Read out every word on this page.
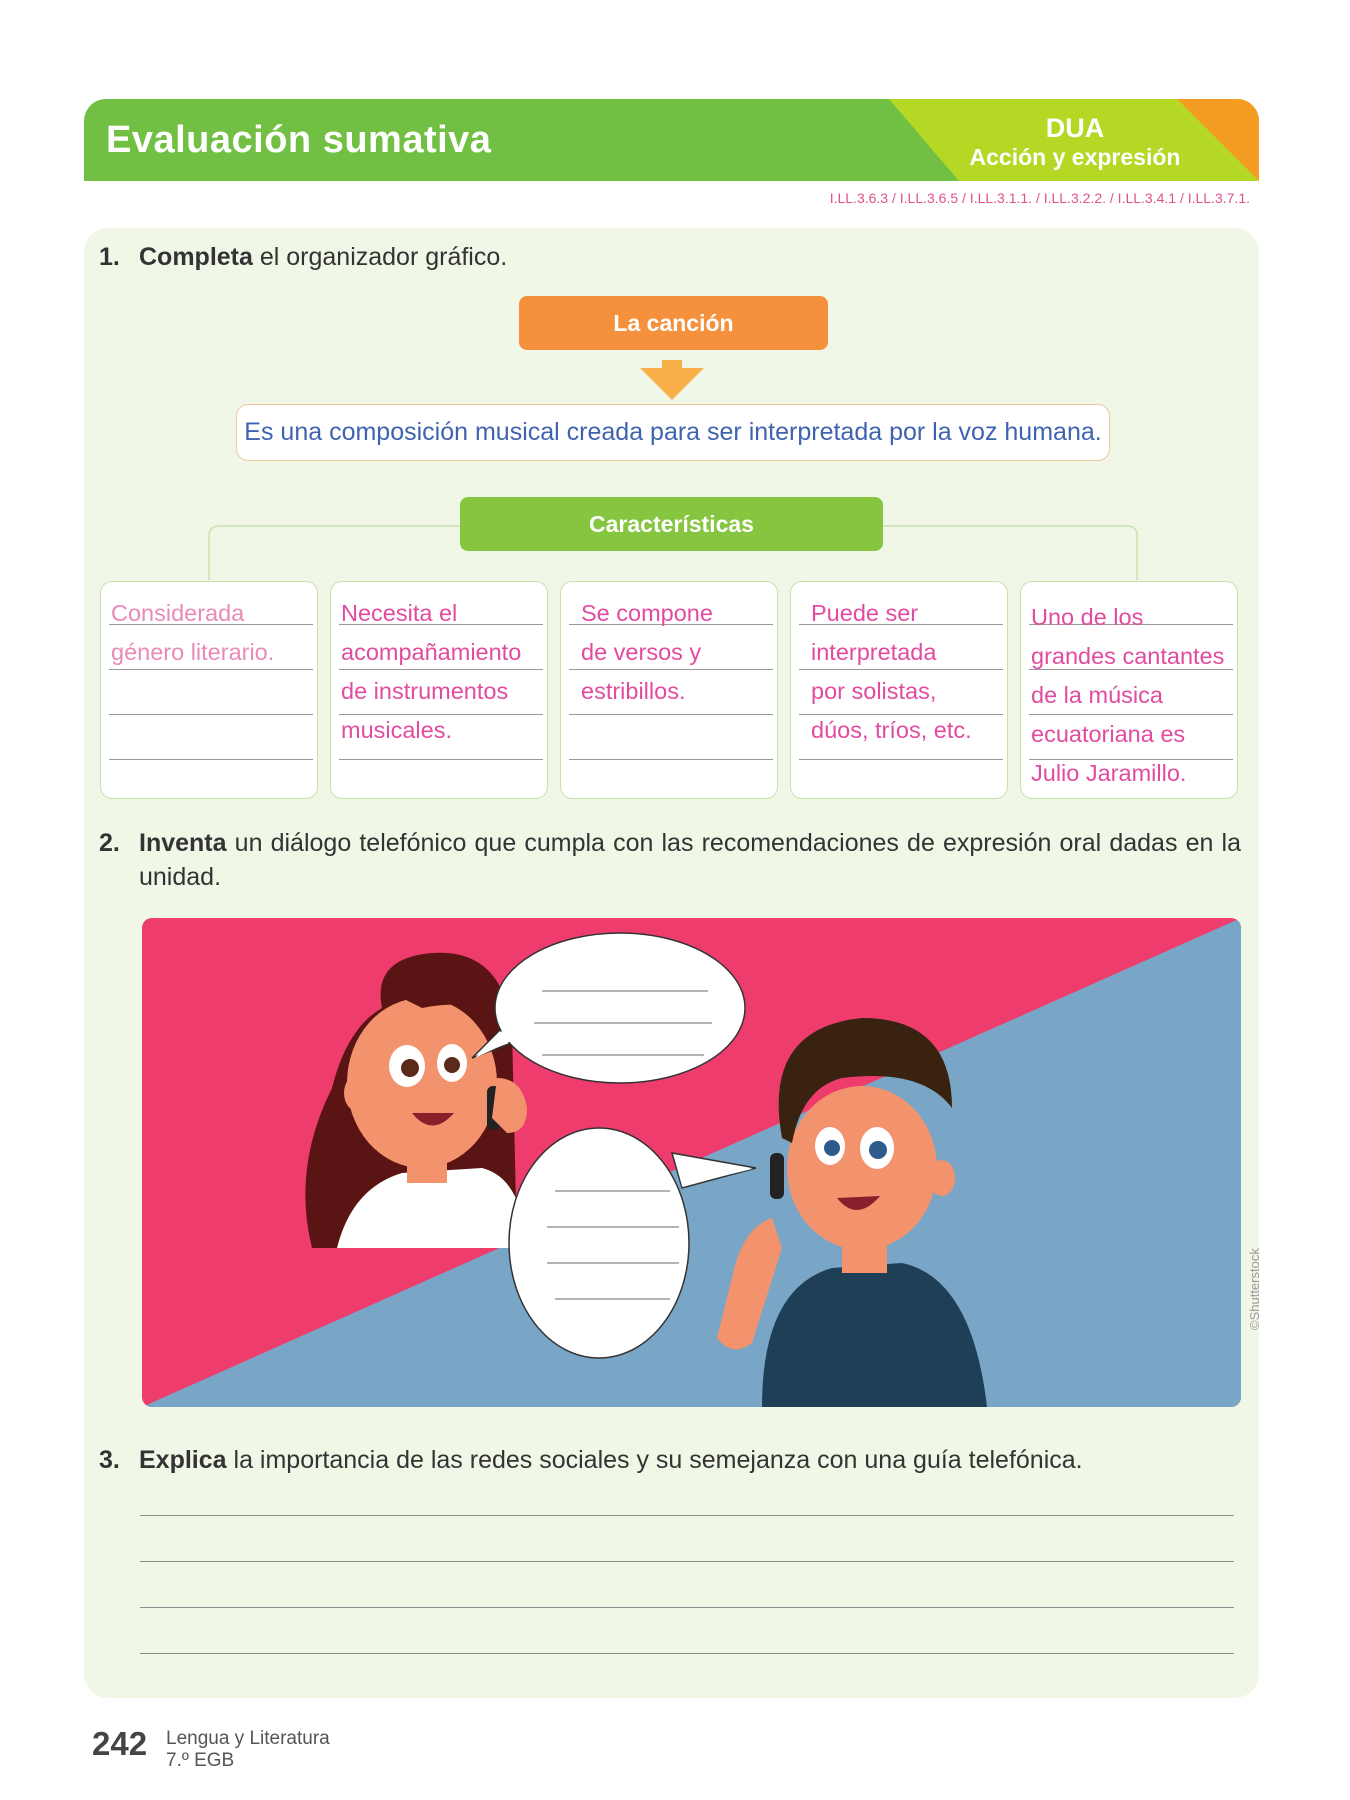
Evaluación sumativa	DUA
Acción y expresión
I.LL.3.6.3 / I.LL.3.6.5 / I.LL.3.1.1. / I.LL.3.2.2. / I.LL.3.4.1 / I.LL.3.7.1.
1. Completa el organizador gráfico.
La canción
Es una composición musical creada para ser interpretada por la voz humana.
Características
Considerada
género literario.
Necesita el
acompañamiento
de instrumentos
musicales.
Se compone
de versos y
estribillos.
Puede ser
interpretada
por solistas,
dúos, tríos, etc.
Uno de los
grandes cantantes
de la música
ecuatoriana es
Julio Jaramillo.
2. Inventa un diálogo telefónico que cumpla con las recomendaciones de expresión oral dadas en la unidad.
©Shutterstock
3. Explica la importancia de las redes sociales y su semejanza con una guía telefónica.
242 Lengua y Literatura
7.º EGB
